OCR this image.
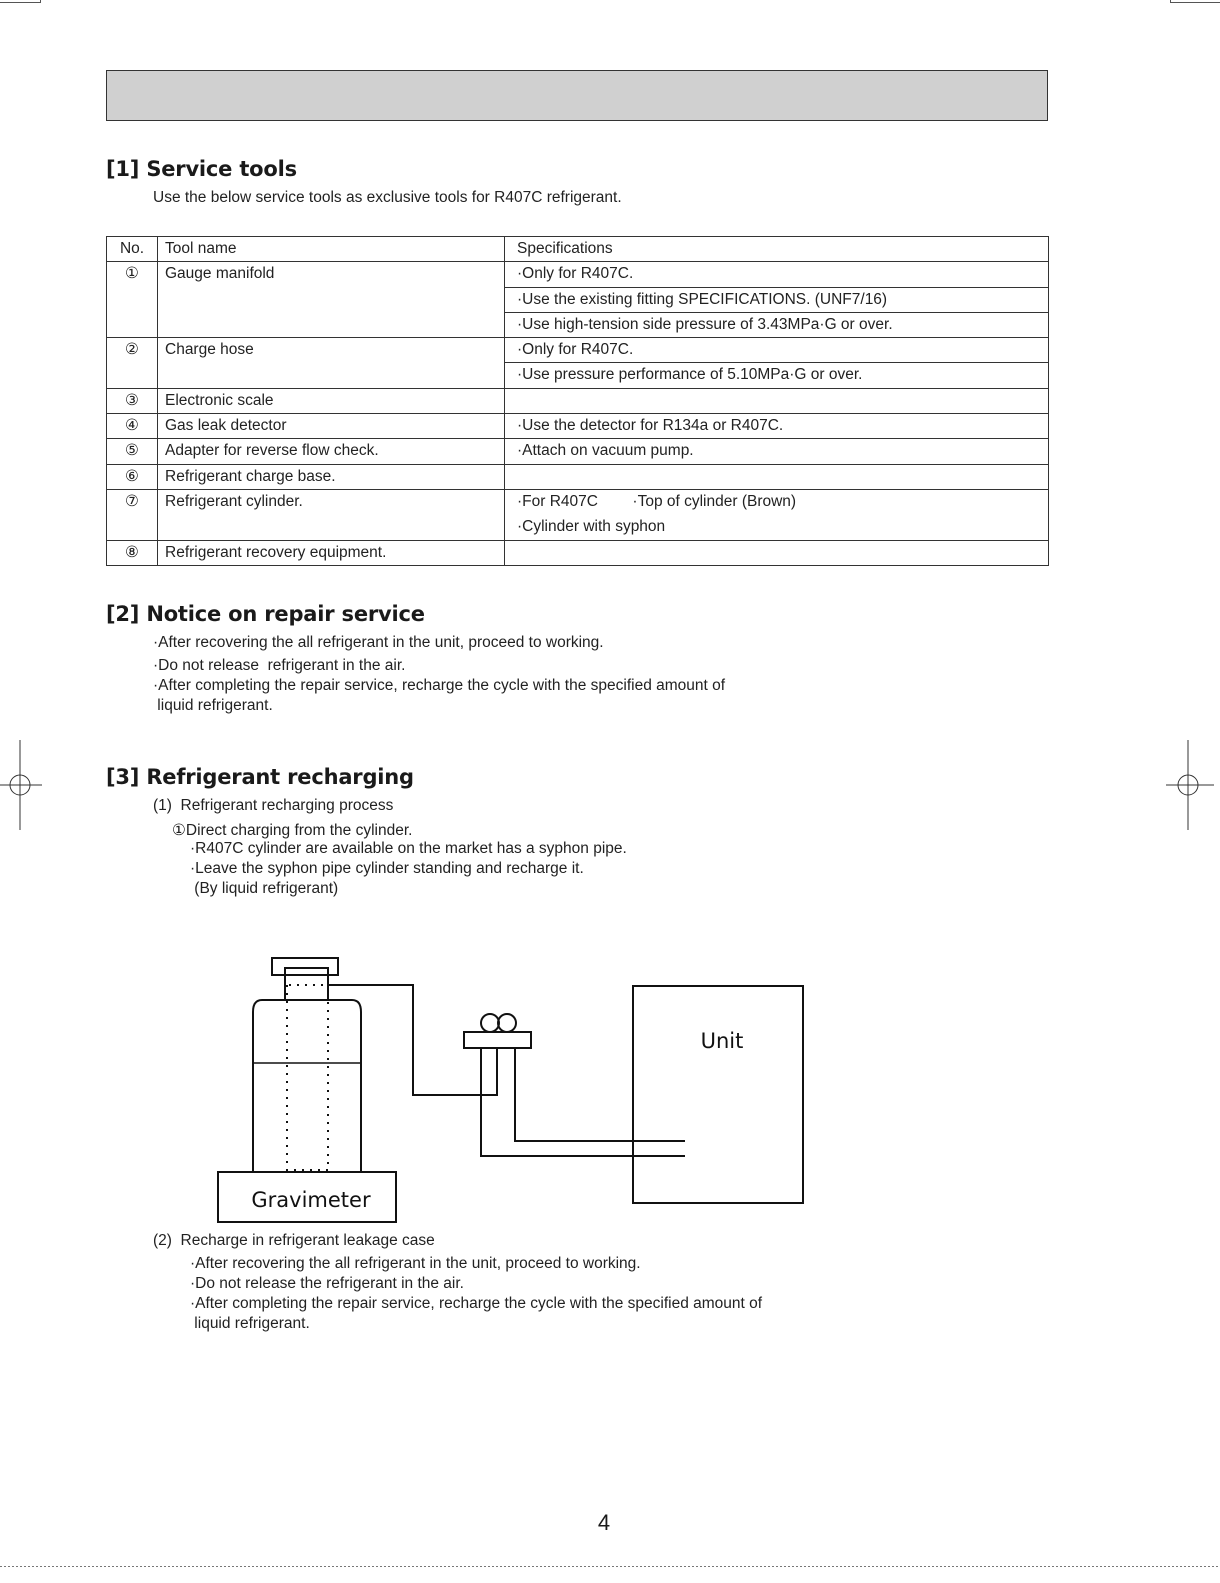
[1] Service tools

Use the below service tools as exclusive tools for R407C refrigerant.

No.	Tool name	Specifications
①	Gauge manifold	·Only for R407C.
		·Use the existing fitting SPECIFICATIONS. (UNF7/16)
		·Use high-tension side pressure of 3.43MPa·G or over.
②	Charge hose	·Only for R407C.
		·Use pressure performance of 5.10MPa·G or over.
③	Electronic scale	
④	Gas leak detector	·Use the detector for R134a or R407C.
⑤	Adapter for reverse flow check.	·Attach on vacuum pump.
⑥	Refrigerant charge base.	
⑦	Refrigerant cylinder.	·For R407C        ·Top of cylinder (Brown)
		·Cylinder with syphon
⑧	Refrigerant recovery equipment.	
[2] Notice on repair service

·After recovering the all refrigerant in the unit, proceed to working.

·Do not release  refrigerant in the air.

·After completing the repair service, recharge the cycle with the specified amount of

liquid refrigerant.

[3] Refrigerant recharging

(1)  Refrigerant recharging process

①Direct charging from the cylinder.

·R407C cylinder are available on the market has a syphon pipe.

·Leave the syphon pipe cylinder standing and recharge it.

(By liquid refrigerant)

Gravimeter
Unit

(2)  Recharge in refrigerant leakage case

·After recovering the all refrigerant in the unit, proceed to working.

·Do not release the refrigerant in the air.

·After completing the repair service, recharge the cycle with the specified amount of

liquid refrigerant.

4
